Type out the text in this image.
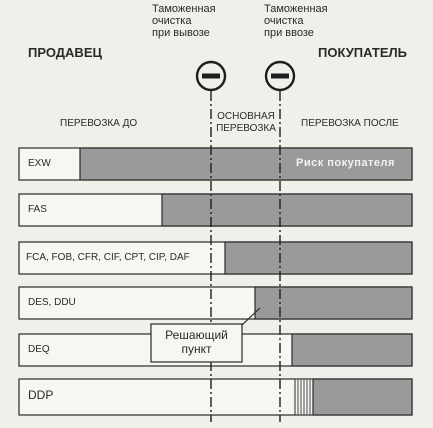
ПРОДАВЕЦ	ПОКУПАТЕЛЬ
Таможенная
очистка
при вывозе
Таможенная
очистка
при ввозе
ПЕРЕВОЗКА ДО
ОСНОВНАЯ
ПЕРЕВОЗКА	ПЕРЕВОЗКА ПОСЛЕ
EXW	Риск покупателя
FAS
FCA, FOB, CFR, CIF, CPT, CIP, DAF
DES, DDU
DEQ
DDP
Решающий
пункт
